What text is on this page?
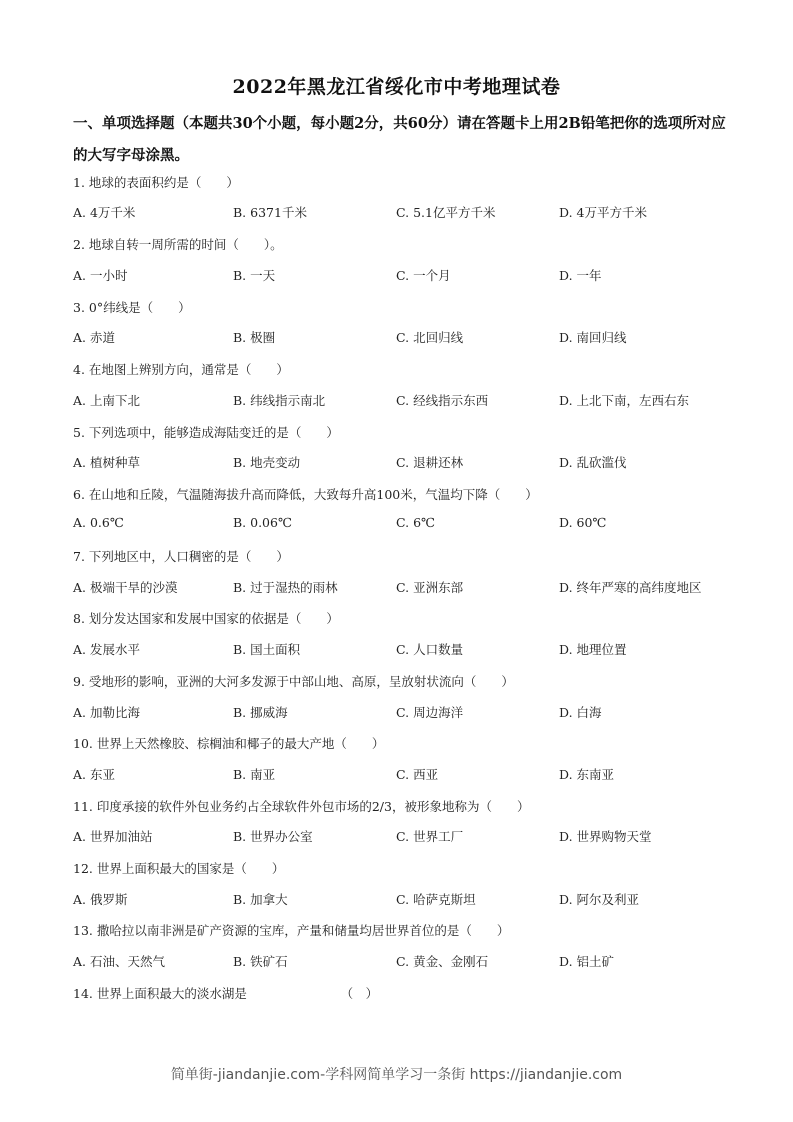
2022年黑龙江省绥化市中考地理试卷
一、单项选择题（本题共30个小题，每小题2分，共60分）请在答题卡上用2B铅笔把你的选项所对应的大写字母涂黑。
1. 地球的表面积约是（　　）
A. 4万千米	B. 6371千米	C. 5.1亿平方千米	D. 4万平方千米
2. 地球自转一周所需的时间（　　）。
A. 一小时	B. 一天	C. 一个月	D. 一年
3. 0°纬线是（　　）
A. 赤道	B. 极圈	C. 北回归线	D. 南回归线
4. 在地图上辨别方向，通常是（　　）
A. 上南下北	B. 纬线指示南北	C. 经线指示东西	D. 上北下南，左西右东
5. 下列选项中，能够造成海陆变迁的是（　　）
A. 植树种草	B. 地壳变动	C. 退耕还林	D. 乱砍滥伐
6. 在山地和丘陵，气温随海拔升高而降低，大致每升高100米，气温均下降（　　）
A. 0.6℃	B. 0.06℃	C. 6℃	D. 60℃
7. 下列地区中，人口稠密的是（　　）
A. 极端干旱的沙漠	B. 过于湿热的雨林	C. 亚洲东部	D. 终年严寒的高纬度地区
8. 划分发达国家和发展中国家的依据是（　　）
A. 发展水平	B. 国土面积	C. 人口数量	D. 地理位置
9. 受地形的影响，亚洲的大河多发源于中部山地、高原，呈放射状流向（　　）
A. 加勒比海	B. 挪威海	C. 周边海洋	D. 白海
10. 世界上天然橡胶、棕榈油和椰子的最大产地（　　）
A. 东亚	B. 南亚	C. 西亚	D. 东南亚
11. 印度承接的软件外包业务约占全球软件外包市场的2/3，被形象地称为（　　）
A. 世界加油站	B. 世界办公室	C. 世界工厂	D. 世界购物天堂
12. 世界上面积最大的国家是（　　）
A. 俄罗斯	B. 加拿大	C. 哈萨克斯坦	D. 阿尔及利亚
13. 撒哈拉以南非洲是矿产资源的宝库，产量和储量均居世界首位的是（　　）
A. 石油、天然气	B. 铁矿石	C. 黄金、金刚石	D. 铝土矿
14. 世界上面积最大的淡水湖是　　　　　　　　（　）
简单街-jiandanjie.com-学科网简单学习一条街 https://jiandanjie.com
